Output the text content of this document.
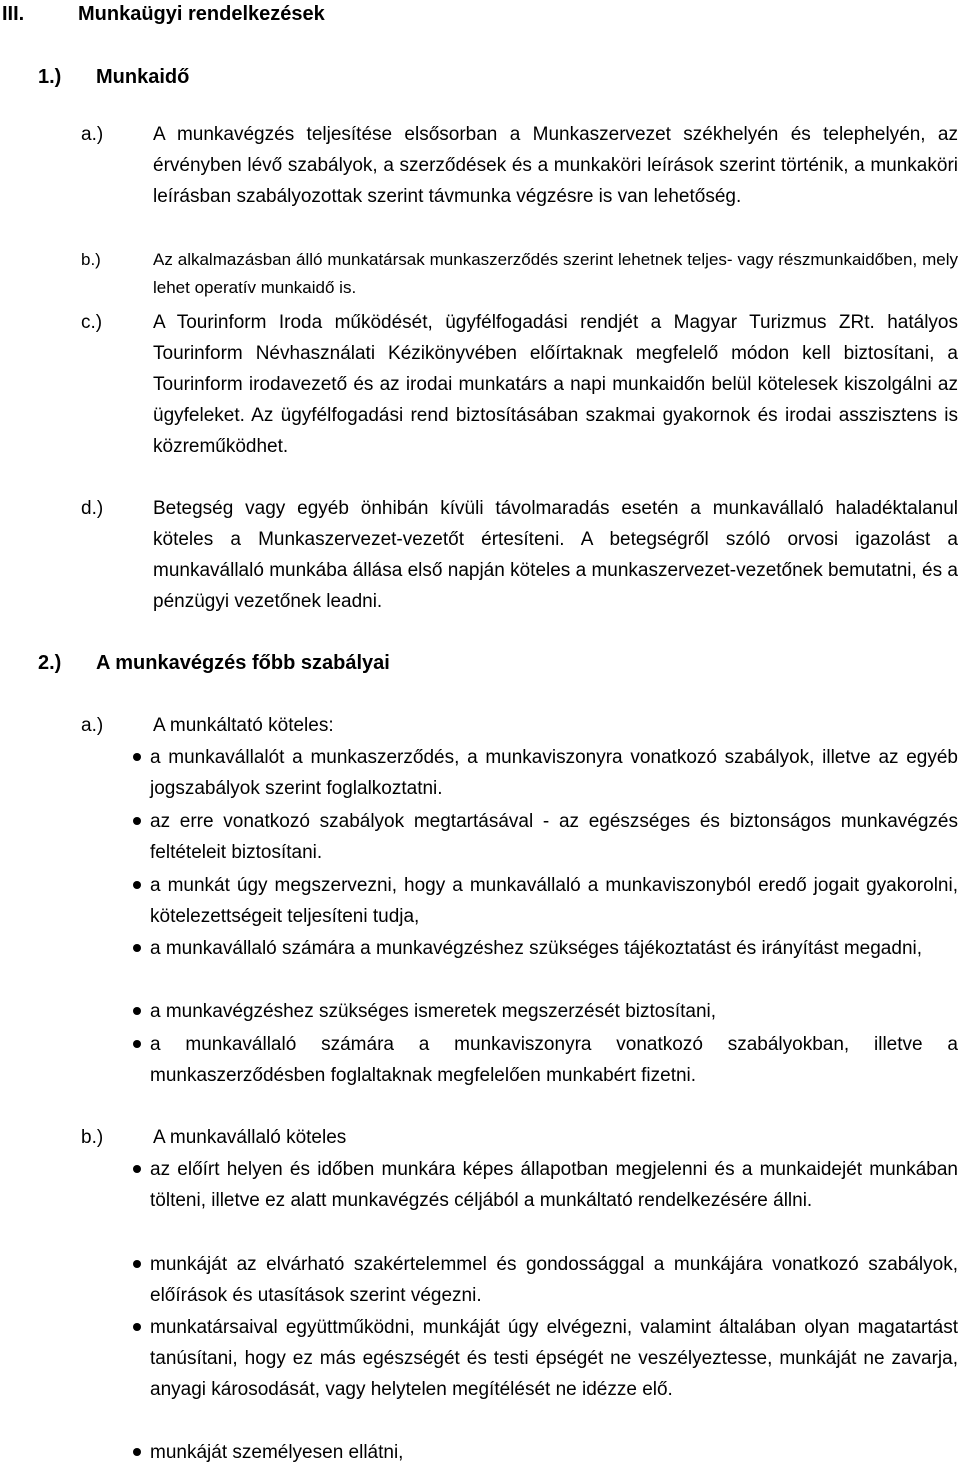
III.	Munkaügyi rendelkezések
1.) Munkaidő
a.)	A munkavégzés teljesítése elsősorban a Munkaszervezet székhelyén és telephelyén, az érvényben lévő szabályok, a szerződések és a munkaköri leírások szerint történik, a munkaköri leírásban szabályozottak szerint távmunka végzésre is van lehetőség.
b.)	Az alkalmazásban álló munkatársak munkaszerződés szerint lehetnek teljes- vagy részmunkaidőben, mely lehet operatív munkaidő is.
c.)	A Tourinform Iroda működését, ügyfélfogadási rendjét a Magyar Turizmus ZRt. hatályos Tourinform Névhasználati Kézikönyvében előírtaknak megfelelő módon kell biztosítani, a Tourinform irodavezető és az irodai munkatárs a napi munkaidőn belül kötelesek kiszolgálni az ügyfeleket. Az ügyfélfogadási rend biztosításában szakmai gyakornok és irodai asszisztens is közreműködhet.
d.)	Betegség vagy egyéb önhibán kívüli távolmaradás esetén a munkavállaló haladéktalanul köteles a Munkaszervezet-vezetőt értesíteni. A betegségről szóló orvosi igazolást a munkavállaló munkába állása első napján köteles a munkaszervezet-vezetőnek bemutatni, és a pénzügyi vezetőnek leadni.
2.) A munkavégzés főbb szabályai
a.)	A munkáltató köteles:
a munkavállalót a munkaszerződés, a munkaviszonyra vonatkozó szabályok, illetve az egyéb jogszabályok szerint foglalkoztatni.
az erre vonatkozó szabályok megtartásával - az egészséges és biztonságos munkavégzés feltételeit biztosítani.
a munkát úgy megszervezni, hogy a munkavállaló a munkaviszonyból eredő jogait gyakorolni, kötelezettségeit teljesíteni tudja,
a munkavállaló számára a munkavégzéshez szükséges tájékoztatást és irányítást megadni,
a munkavégzéshez szükséges ismeretek megszerzését biztosítani,
a munkavállaló számára a munkaviszonyra vonatkozó szabályokban, illetve a munkaszerződésben foglaltaknak megfelelően munkabért fizetni.
b.)	A munkavállaló köteles
az előírt helyen és időben munkára képes állapotban megjelenni és a munkaidejét munkában tölteni, illetve ez alatt munkavégzés céljából a munkáltató rendelkezésére állni.
munkáját az elvárható szakértelemmel és gondossággal a munkájára vonatkozó szabályok, előírások és utasítások szerint végezni.
munkatársaival együttműködni, munkáját úgy elvégezni, valamint általában olyan magatartást tanúsítani, hogy ez más egészségét és testi épségét ne veszélyeztesse, munkáját ne zavarja, anyagi károsodását, vagy helytelen megítélését ne idézze elő.
munkáját személyesen ellátni,
